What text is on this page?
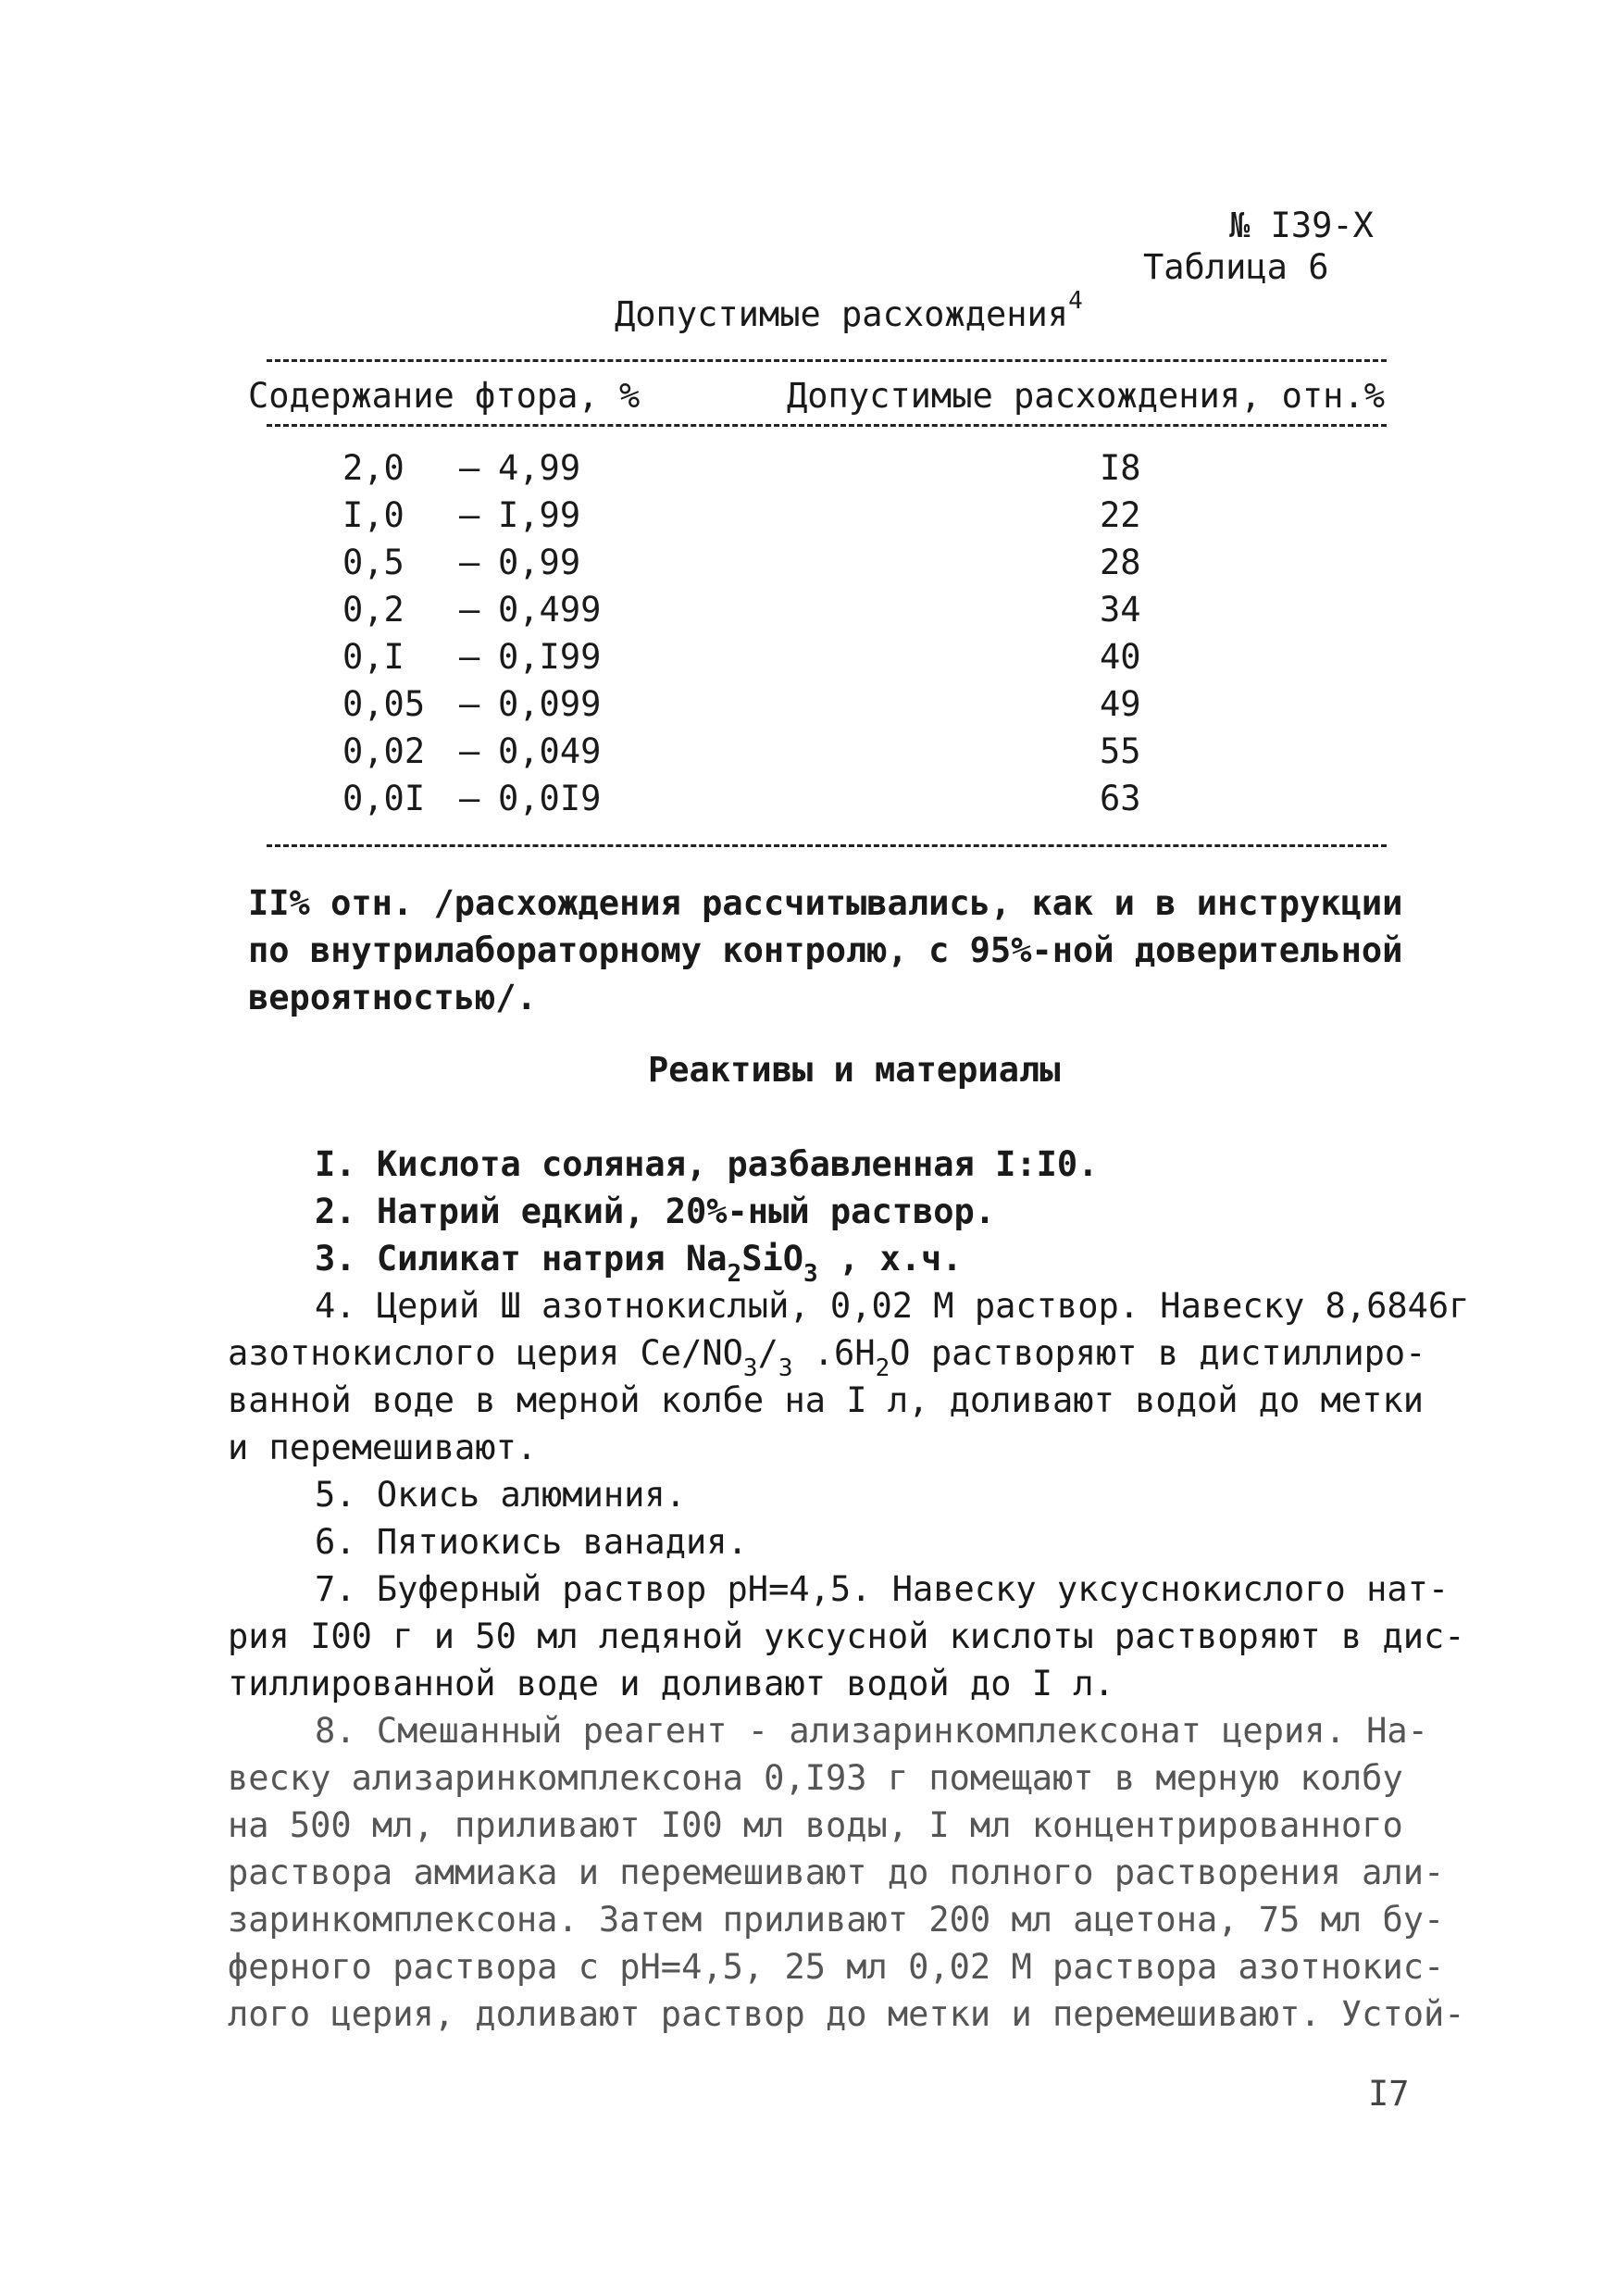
№ I39-Х
Таблица 6
Допустимые расхождения$^4$
Содержание фтора, %	Допустимые расхождения, отн.%
2,0 – 4,99	I8
I,0 – I,99	22
0,5 – 0,99	28
0,2 – 0,499	34
0,I – 0,I99	40
0,05 – 0,099	49
0,02 – 0,049	55
0,0I – 0,0I9	63
II% отн. /расхождения рассчитывались, как и в инструкции
по внутрилабораторному контролю, с 95%-ной доверительной
вероятностью/.
Реактивы и материалы
I. Кислота соляная, разбавленная I:I0.
2. Натрий едкий, 20%-ный раствор.
3. Силикат натрия $Na_2SiO_3$ , х.ч.
4. Церий Ш азотнокислый, 0,02 М раствор. Навеску 8,6846г
азотнокислого церия $Се/NO_3/_3$ $.6H_2O$ растворяют в дистиллиро-
ванной воде в мерной колбе на I л, доливают водой до метки
и перемешивают.
5. Окись алюминия.
6. Пятиокись ванадия.
7. Буферный раствор pH=4,5. Навеску уксуснокислого нат-
рия I00 г и 50 мл ледяной уксусной кислоты растворяют в дис-
тиллированной воде и доливают водой до I л.
8. Смешанный реагент - ализаринкомплексонат церия. На-
веску ализаринкомплексона 0,I93 г помещают в мерную колбу
на 500 мл, приливают I00 мл воды, I мл концентрированного
раствора аммиака и перемешивают до полного растворения али-
заринкомплексона. Затем приливают 200 мл ацетона, 75 мл бу-
ферного раствора с pH=4,5, 25 мл 0,02 М раствора азотнокис-
лого церия, доливают раствор до метки и перемешивают. Устой-
I7
